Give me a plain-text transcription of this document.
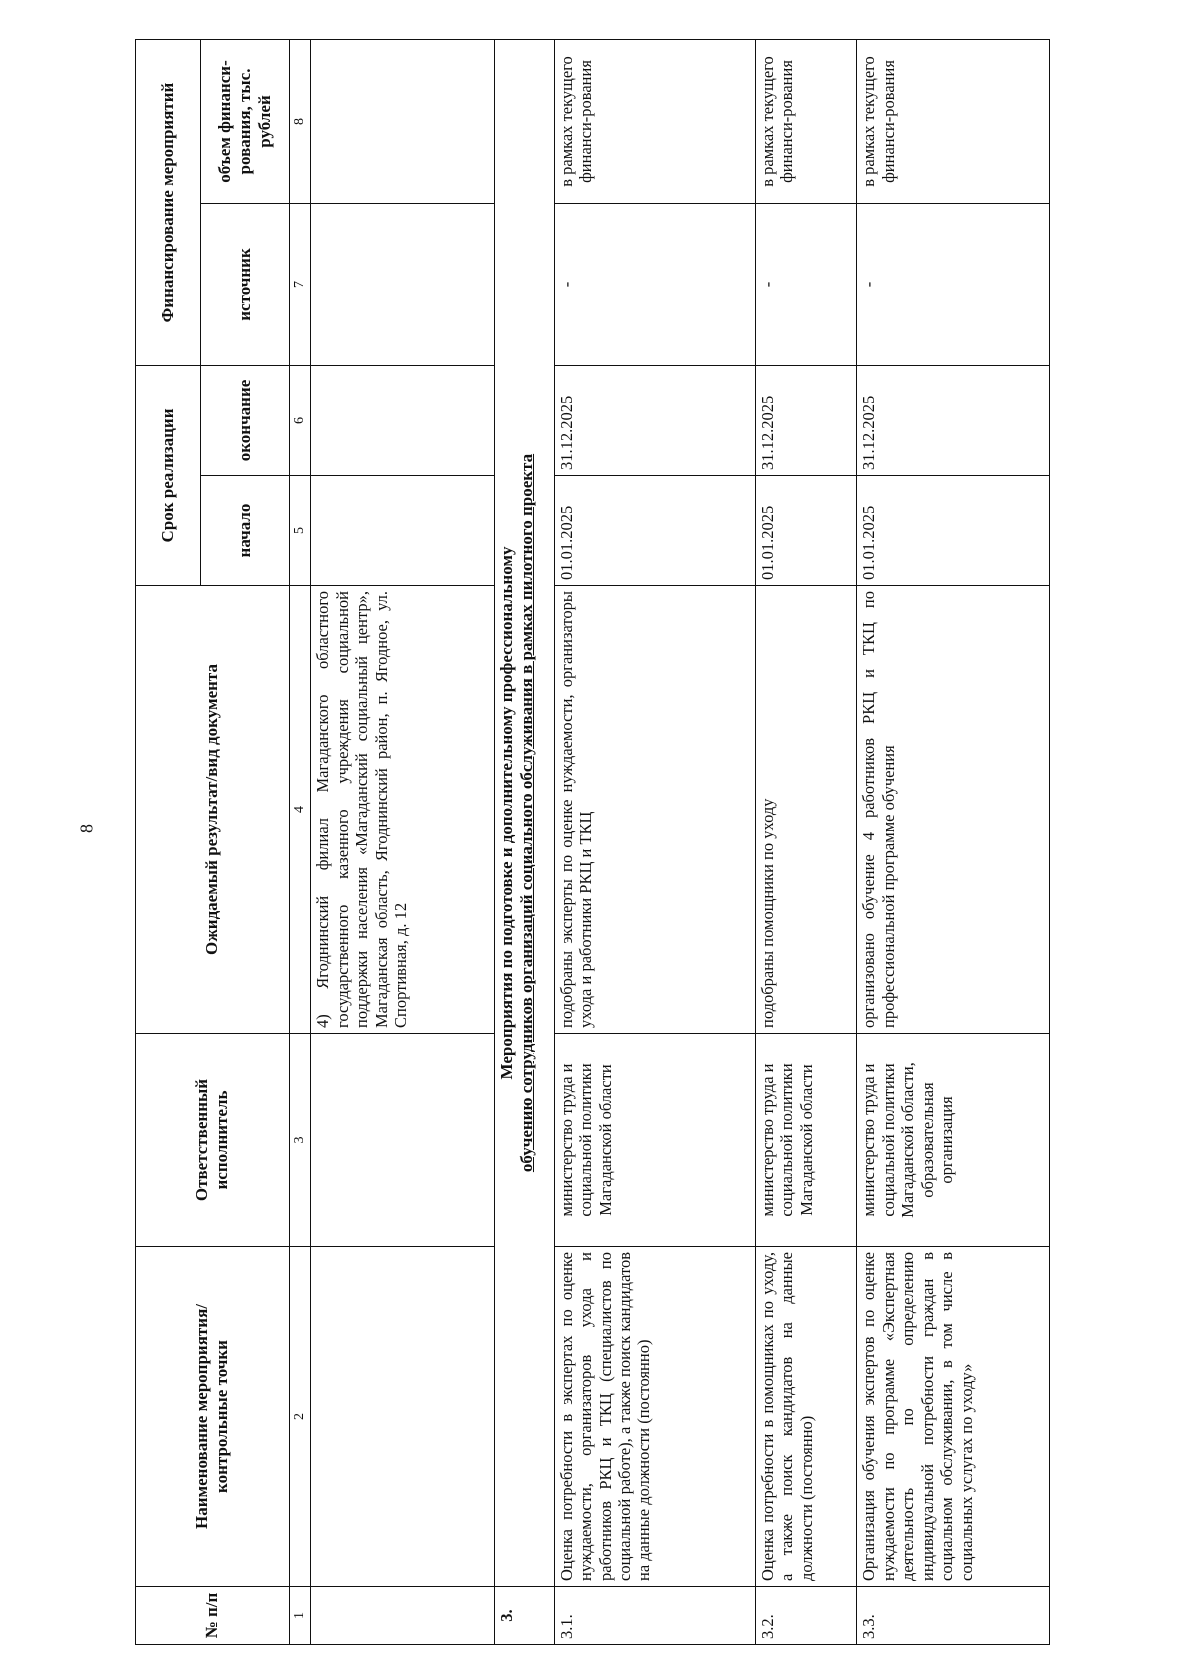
8
№ п/п	Наименование мероприятия/ контрольные точки	Ответственный исполнитель	Ожидаемый результат/вид документа	Срок реализации		Финансирование мероприятий	
				начало	окончание	источник	объем финанси-рования, тыс. рублей
1	2	3	4	5	6	7	8
			4) Ягоднинский филиал Магаданского областного государственного казенного учреждения социальной поддержки населения «Магаданский социальный центр», Магаданская область, Ягоднинский район, п. Ягодное, ул. Спортивная, д. 12				
3.	Мероприятия по подготовке и дополнительному профессиональному обучению сотрудников организаций социального обслуживания в рамках пилотного проекта						

3.1.	Оценка потребности в экспертах по оценке нуждаемости, организаторов ухода и работников РКЦ и ТКЦ (специалистов по социальной работе), а также поиск кандидатов на данные должности (постоянно)	министерство труда и социальной политики Магаданской области	подобраны эксперты по оценке нуждаемости, организаторы ухода и работники РКЦ и ТКЦ	01.01.2025	31.12.2025	-	в рамках текущего финанси-рования
3.2.	Оценка потребности в помощниках по уходу, а также поиск кандидатов на данные должности (постоянно)	министерство труда и социальной политики Магаданской области	подобраны помощники по уходу	01.01.2025	31.12.2025	-	в рамках текущего финанси-рования
3.3.	Организация обучения экспертов по оценке нуждаемости по программе «Экспертная деятельность по определению индивидуальной потребности граждан в социальном обслуживании, в том числе в социальных услугах по уходу»	министерство труда и социальной политики Магаданской области, образовательная организация	организовано обучение 4 работников РКЦ и ТКЦ по профессиональной программе обучения	01.01.2025	31.12.2025	-	в рамках текущего финанси-рования
